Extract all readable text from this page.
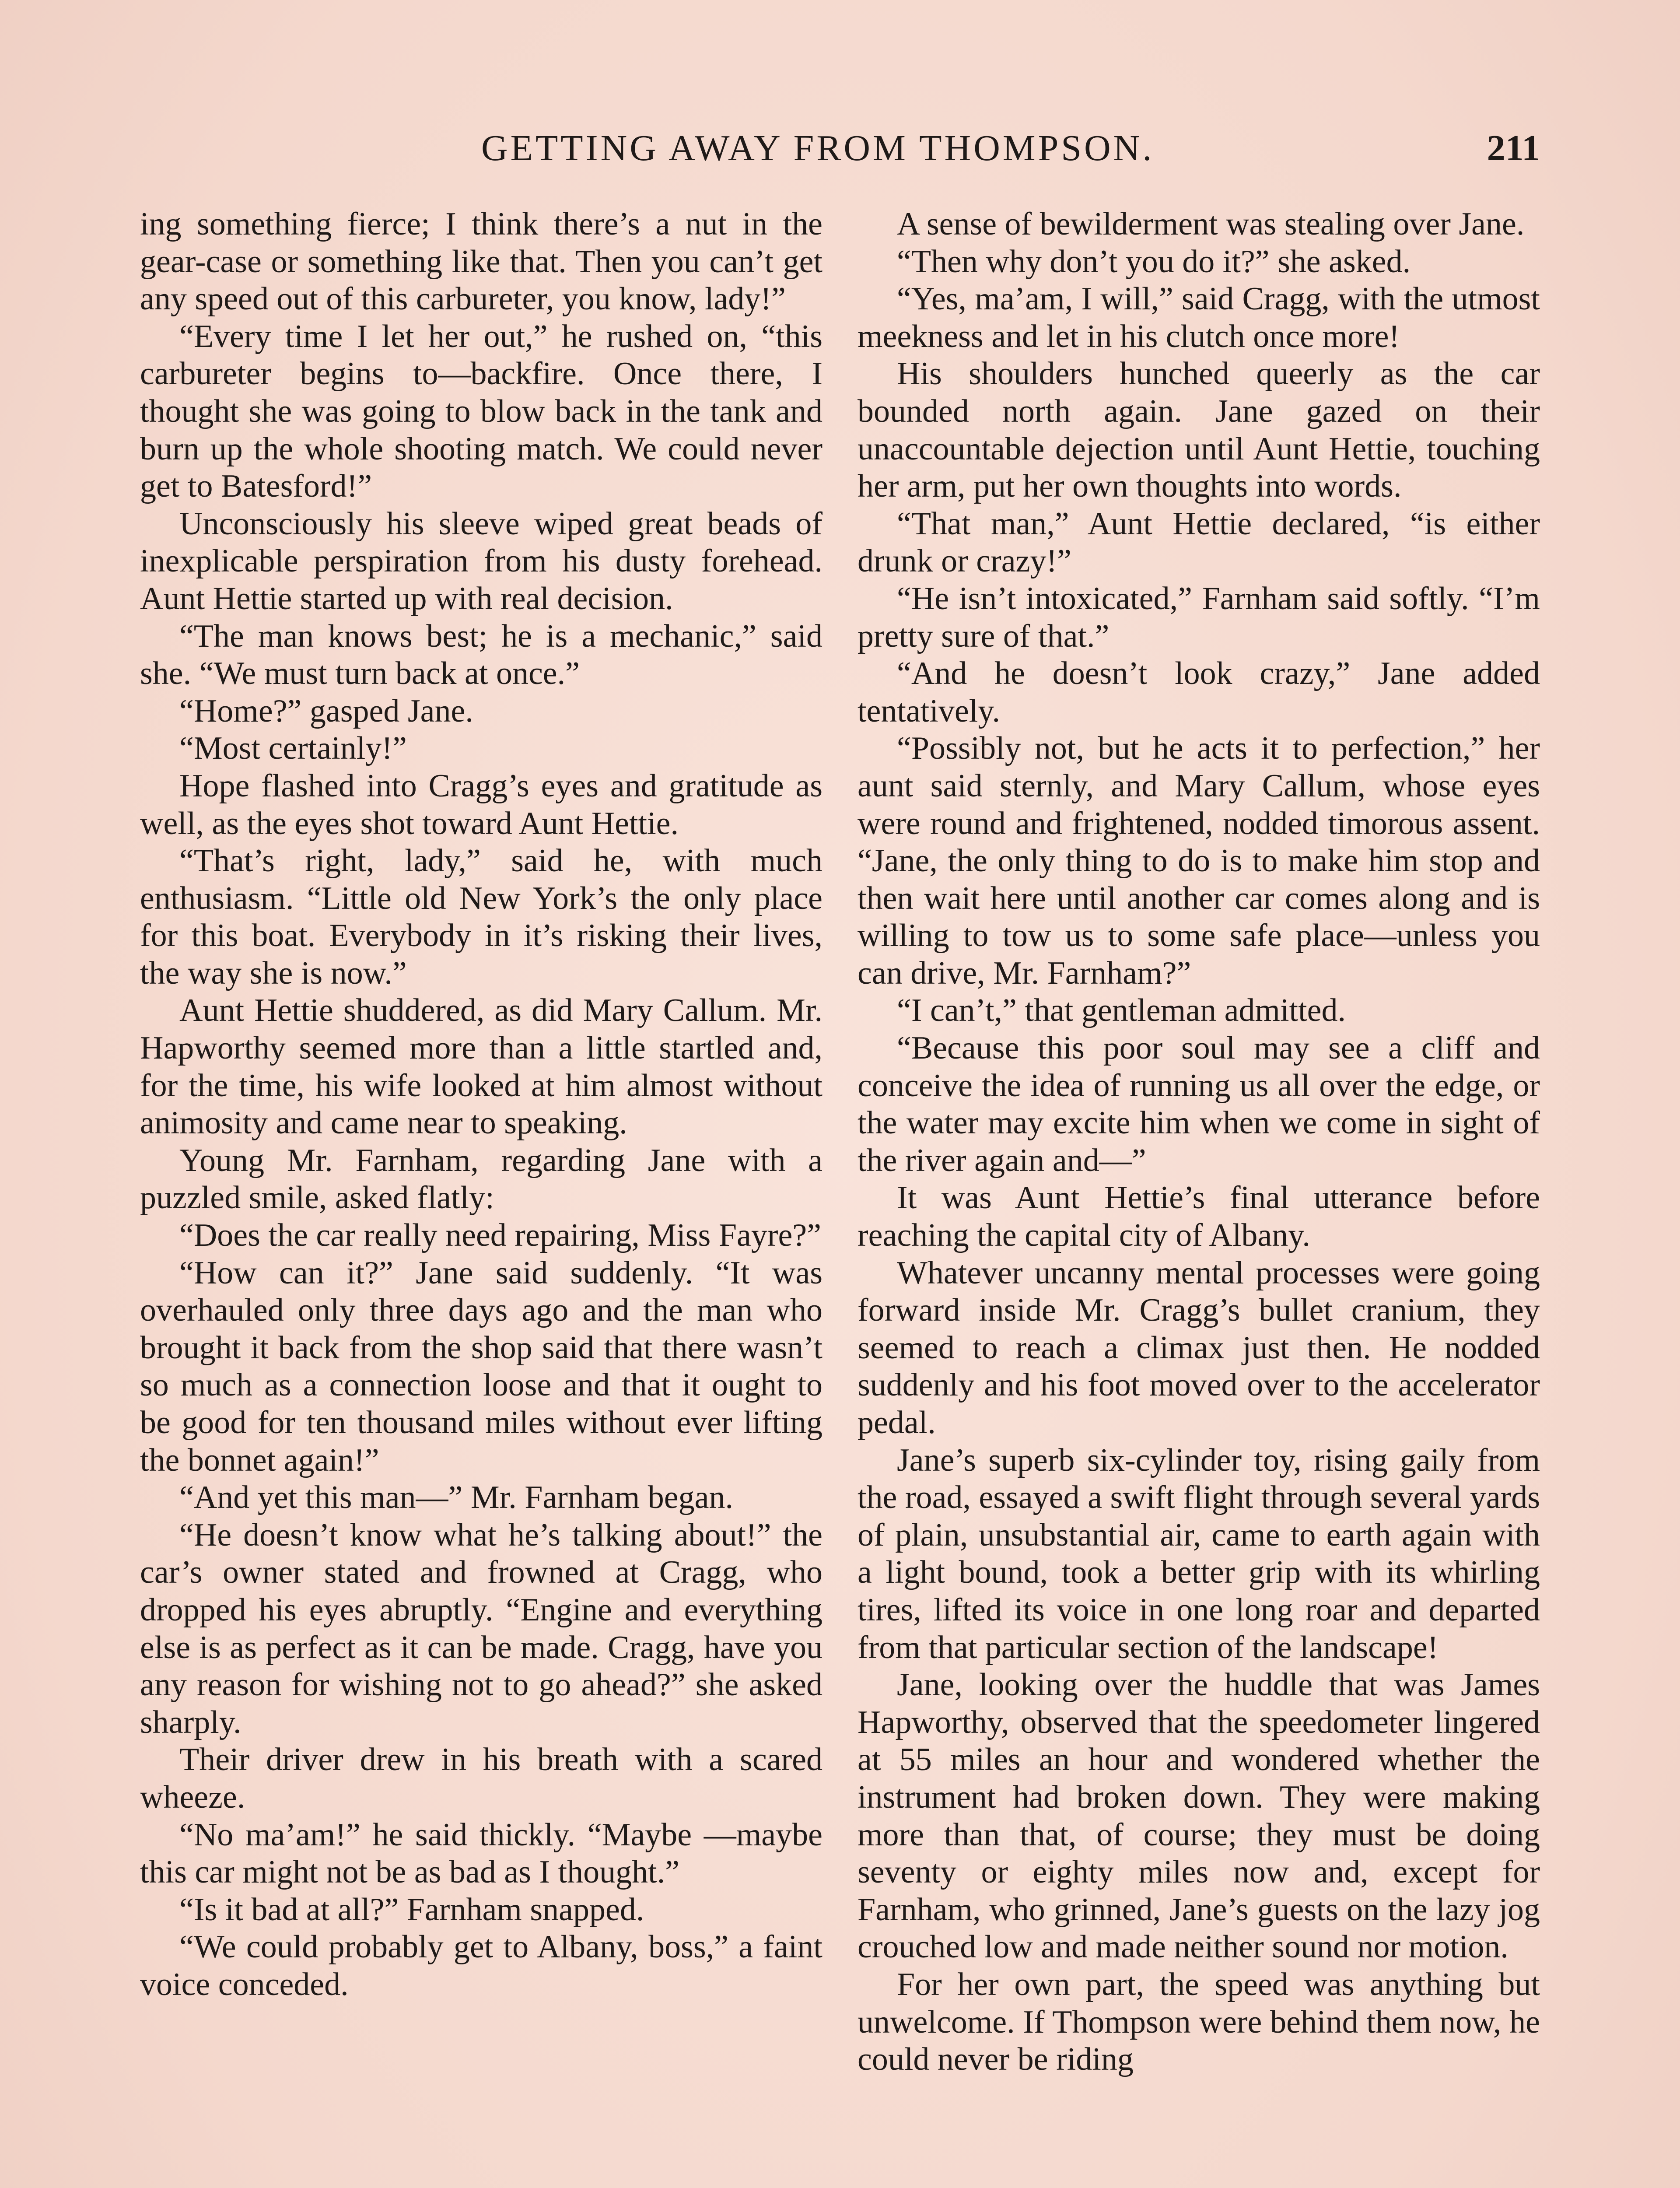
GETTING AWAY FROM THOMPSON.	211

ing something fierce; I think there’s a nut in the gear-case or something like that. Then you can’t get any speed out of this carbureter, you know, lady!”

“Every time I let her out,” he rushed on, “this carbureter begins to—backfire. Once there, I thought she was going to blow back in the tank and burn up the whole shooting match. We could never get to Batesford!”

Unconsciously his sleeve wiped great beads of inexplicable perspiration from his dusty forehead. Aunt Hettie started up with real decision.

“The man knows best; he is a mechanic,” said she. “We must turn back at once.”

“Home?” gasped Jane.

“Most certainly!”

Hope flashed into Cragg’s eyes and gratitude as well, as the eyes shot toward Aunt Hettie.

“That’s right, lady,” said he, with much enthusiasm. “Little old New York’s the only place for this boat. Everybody in it’s risking their lives, the way she is now.”

Aunt Hettie shuddered, as did Mary Callum. Mr. Hapworthy seemed more than a little startled and, for the time, his wife looked at him almost without animosity and came near to speaking.

Young Mr. Farnham, regarding Jane with a puzzled smile, asked flatly:

“Does the car really need repairing, Miss Fayre?”

“How can it?” Jane said suddenly. “It was overhauled only three days ago and the man who brought it back from the shop said that there wasn’t so much as a connection loose and that it ought to be good for ten thousand miles without ever lifting the bonnet again!”

“And yet this man—” Mr. Farnham began.

“He doesn’t know what he’s talking about!” the car’s owner stated and frowned at Cragg, who dropped his eyes abruptly. “Engine and everything else is as perfect as it can be made. Cragg, have you any reason for wishing not to go ahead?” she asked sharply.

Their driver drew in his breath with a scared wheeze.

“No ma’am!” he said thickly. “Maybe —maybe this car might not be as bad as I thought.”

“Is it bad at all?” Farnham snapped.

“We could probably get to Albany, boss,” a faint voice conceded.

A sense of bewilderment was stealing over Jane.

“Then why don’t you do it?” she asked.

“Yes, ma’am, I will,” said Cragg, with the utmost meekness and let in his clutch once more!

His shoulders hunched queerly as the car bounded north again. Jane gazed on their unaccountable dejection until Aunt Hettie, touching her arm, put her own thoughts into words.

“That man,” Aunt Hettie declared, “is either drunk or crazy!”

“He isn’t intoxicated,” Farnham said softly. “I’m pretty sure of that.”

“And he doesn’t look crazy,” Jane added tentatively.

“Possibly not, but he acts it to perfection,” her aunt said sternly, and Mary Callum, whose eyes were round and frightened, nodded timorous assent. “Jane, the only thing to do is to make him stop and then wait here until another car comes along and is willing to tow us to some safe place—unless you can drive, Mr. Farnham?”

“I can’t,” that gentleman admitted.

“Because this poor soul may see a cliff and conceive the idea of running us all over the edge, or the water may excite him when we come in sight of the river again and—”

It was Aunt Hettie’s final utterance before reaching the capital city of Albany.

Whatever uncanny mental processes were going forward inside Mr. Cragg’s bullet cranium, they seemed to reach a climax just then. He nodded suddenly and his foot moved over to the accelerator pedal.

Jane’s superb six-cylinder toy, rising gaily from the road, essayed a swift flight through several yards of plain, unsubstantial air, came to earth again with a light bound, took a better grip with its whirling tires, lifted its voice in one long roar and departed from that particular section of the landscape!

Jane, looking over the huddle that was James Hapworthy, observed that the speedometer lingered at 55 miles an hour and wondered whether the instrument had broken down. They were making more than that, of course; they must be doing seventy or eighty miles now and, except for Farnham, who grinned, Jane’s guests on the lazy jog crouched low and made neither sound nor motion.

For her own part, the speed was anything but unwelcome. If Thompson were behind them now, he could never be riding
